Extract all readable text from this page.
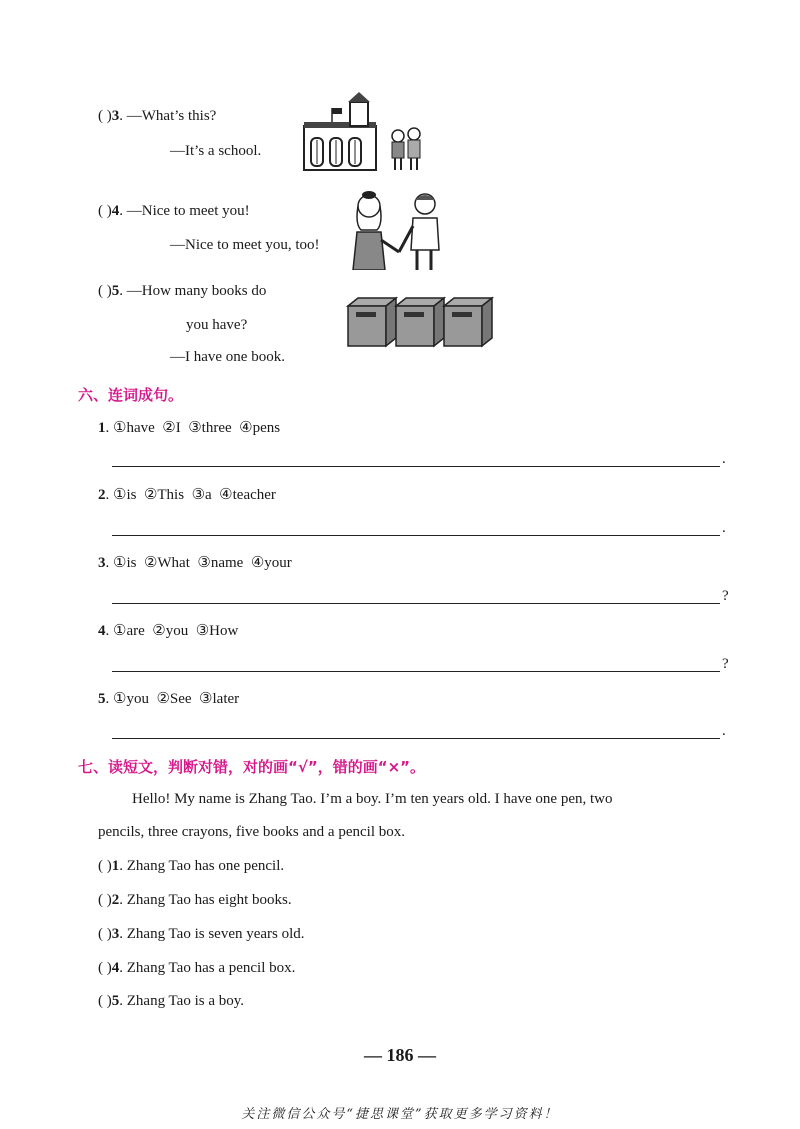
( )3. —What’s this?
—It’s a school.
( )4. —Nice to meet you!
—Nice to meet you, too!
( )5. —How many books do
you have?
—I have one book.
六、连词成句。
1. ①have  ②I  ③three  ④pens
.
2. ①is  ②This  ③a  ④teacher
.
3. ①is  ②What  ③name  ④your
?
4. ①are  ②you  ③How
?
5. ①you  ②See  ③later
.
七、读短文，判断对错，对的画“√”，错的画“×”。
Hello! My name is Zhang Tao. I’m a boy. I’m ten years old. I have one pen, two
pencils, three crayons, five books and a pencil box.
( )1. Zhang Tao has one pencil.
( )2. Zhang Tao has eight books.
( )3. Zhang Tao is seven years old.
( )4. Zhang Tao has a pencil box.
( )5. Zhang Tao is a boy.
— 186 —
关注微信公众号“捷思课堂”获取更多学习资料！
